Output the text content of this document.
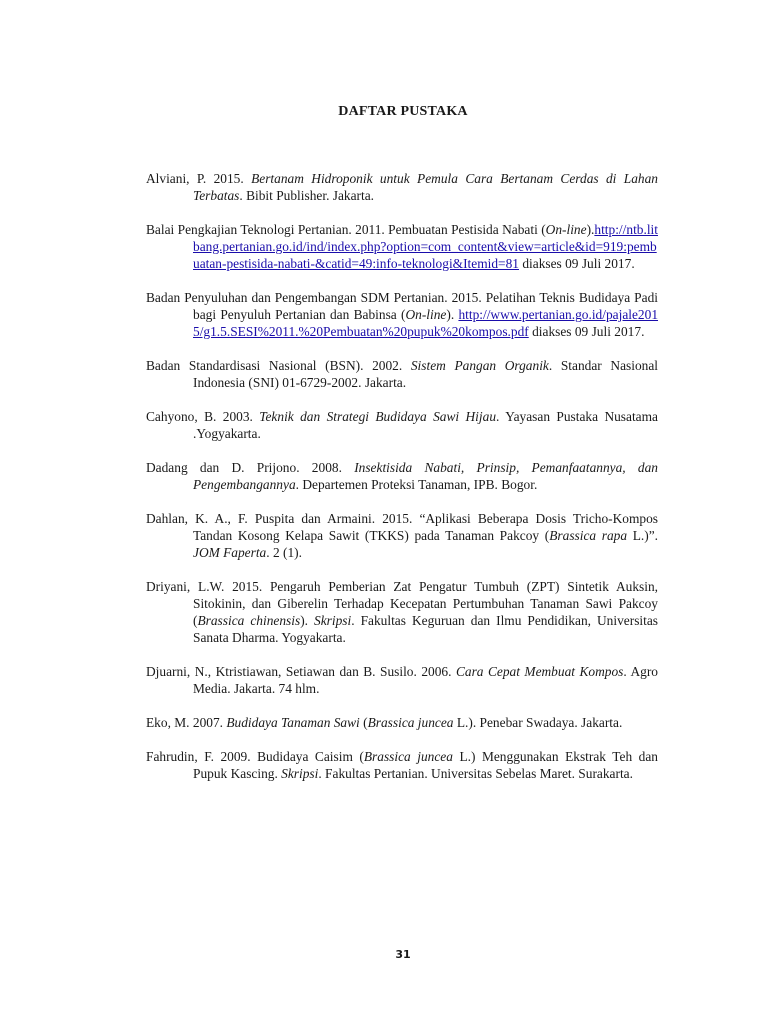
DAFTAR PUSTAKA

Alviani, P. 2015. Bertanam Hidroponik untuk Pemula Cara Bertanam Cerdas di Lahan Terbatas. Bibit Publisher. Jakarta.

Balai Pengkajian Teknologi Pertanian. 2011. Pembuatan Pestisida Nabati (On-line).http://ntb.litbang.pertanian.go.id/ind/index.php?option=com_content&view=article&id=919:pembuatan-pestisida-nabati-&catid=49:info-teknologi&Itemid=81 diakses 09 Juli 2017.

Badan Penyuluhan dan Pengembangan SDM Pertanian. 2015. Pelatihan Teknis Budidaya Padi bagi Penyuluh Pertanian dan Babinsa (On-line). http://www.pertanian.go.id/pajale2015/g1.5.SESI%2011.%20Pembuatan%20pupuk%20kompos.pdf diakses 09 Juli 2017.

Badan Standardisasi Nasional (BSN). 2002. Sistem Pangan Organik. Standar Nasional Indonesia (SNI) 01-6729-2002. Jakarta.

Cahyono, B. 2003. Teknik dan Strategi Budidaya Sawi Hijau. Yayasan Pustaka Nusatama .Yogyakarta.

Dadang dan D. Prijono. 2008. Insektisida Nabati, Prinsip, Pemanfaatannya, dan Pengembangannya. Departemen Proteksi Tanaman, IPB. Bogor.

Dahlan, K. A., F. Puspita dan Armaini. 2015. “Aplikasi Beberapa Dosis Tricho-Kompos Tandan Kosong Kelapa Sawit (TKKS) pada Tanaman Pakcoy (Brassica rapa L.)”. JOM Faperta. 2 (1).

Driyani, L.W. 2015. Pengaruh Pemberian Zat Pengatur Tumbuh (ZPT) Sintetik Auksin, Sitokinin, dan Giberelin Terhadap Kecepatan Pertumbuhan Tanaman Sawi Pakcoy (Brassica chinensis). Skripsi. Fakultas Keguruan dan Ilmu Pendidikan, Universitas Sanata Dharma. Yogyakarta.

Djuarni, N., Ktristiawan, Setiawan dan B. Susilo. 2006. Cara Cepat Membuat Kompos. Agro Media. Jakarta. 74 hlm.

Eko, M. 2007. Budidaya Tanaman Sawi (Brassica juncea L.). Penebar Swadaya. Jakarta.

Fahrudin, F. 2009. Budidaya Caisim (Brassica juncea L.) Menggunakan Ekstrak Teh dan Pupuk Kascing. Skripsi. Fakultas Pertanian. Universitas Sebelas Maret. Surakarta.

31
